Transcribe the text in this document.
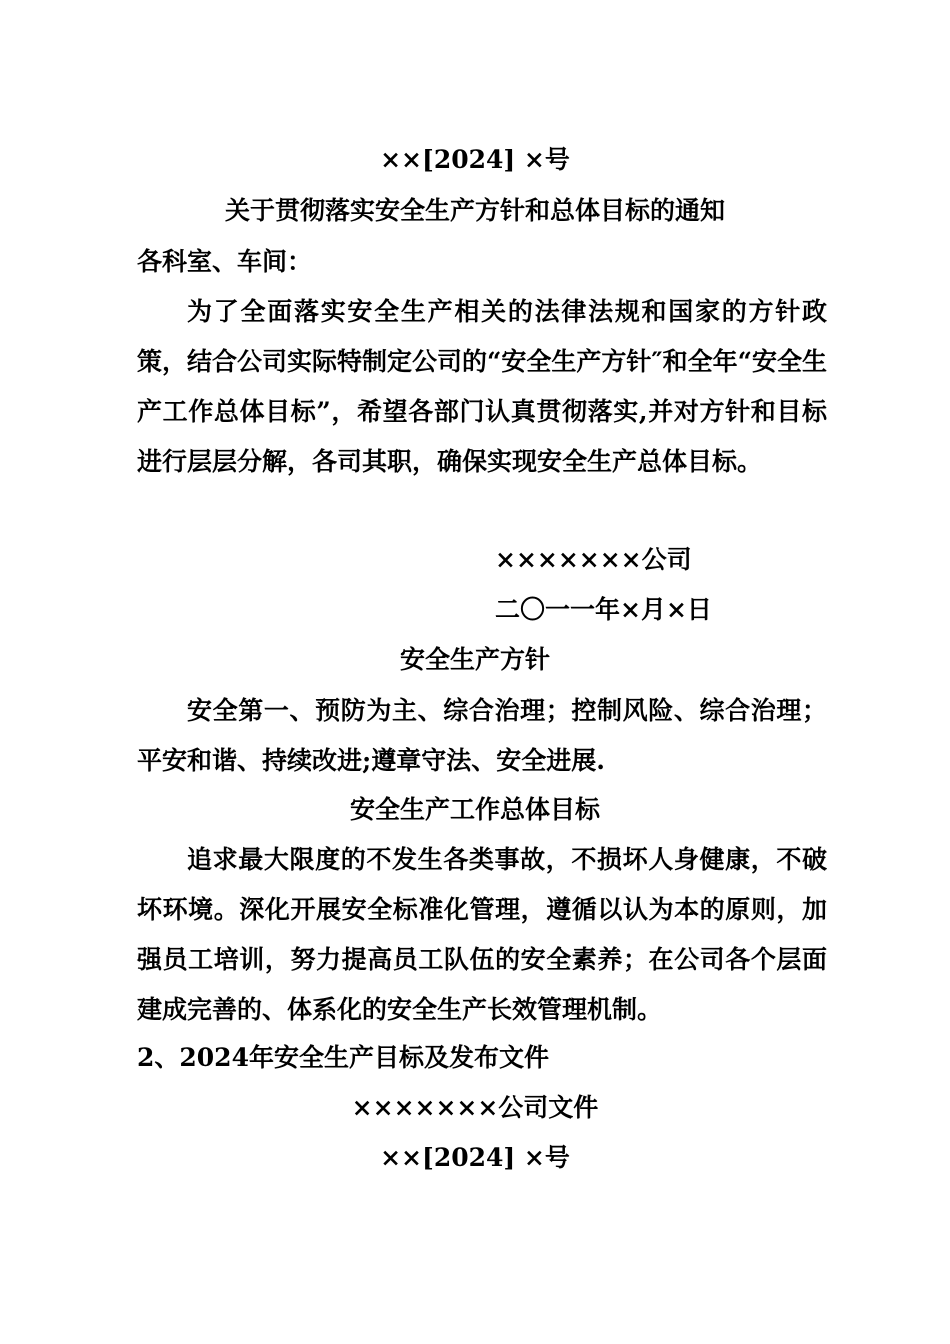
××[2024] ×号
关于贯彻落实安全生产方针和总体目标的通知
各科室、车间：
为了全面落实安全生产相关的法律法规和国家的方针政策，结合公司实际特制定公司的“安全生产方针″和全年“安全生产工作总体目标”，希望各部门认真贯彻落实,并对方针和目标进行层层分解，各司其职，确保实现安全生产总体目标。
×××××××公司
二〇一一年×月×日
安全生产方针
安全第一、预防为主、综合治理；控制风险、综合治理；平安和谐、持续改进;遵章守法、安全进展.
安全生产工作总体目标
追求最大限度的不发生各类事故，不损坏人身健康，不破坏环境。深化开展安全标准化管理，遵循以认为本的原则，加强员工培训，努力提高员工队伍的安全素养；在公司各个层面建成完善的、体系化的安全生产长效管理机制。
2、2024年安全生产目标及发布文件
×××××××公司文件
××[2024] ×号
